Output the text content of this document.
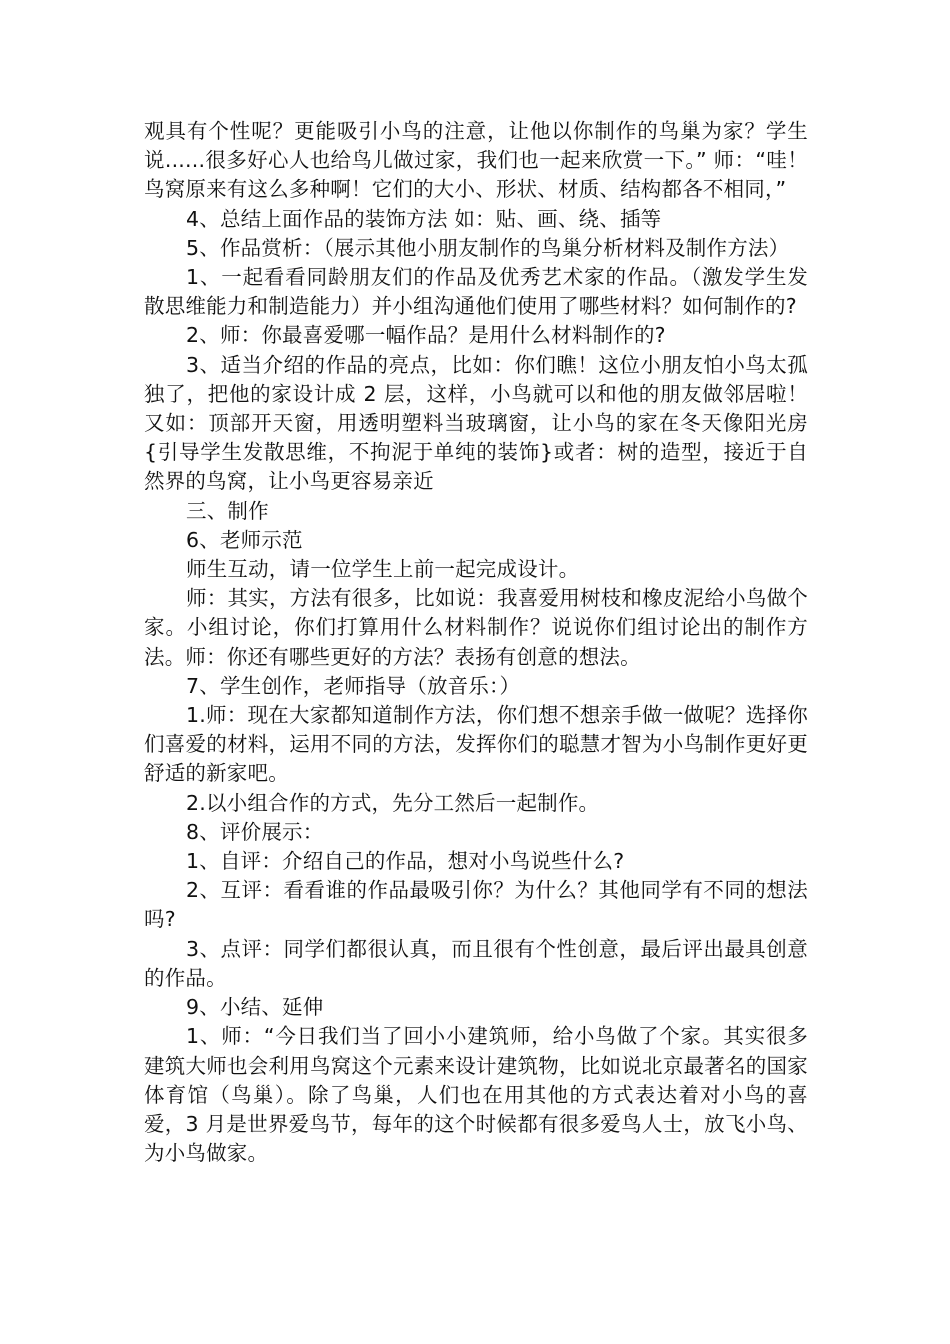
观具有个性呢？更能吸引小鸟的注意，让他以你制作的鸟巢为家？学生说......很多好心人也给鸟儿做过家，我们也一起来欣赏一下。” 师：“哇！鸟窝原来有这么多种啊！它们的大小、形状、材质、结构都各不相同，”

4、总结上面作品的装饰方法 如：贴、画、绕、插等

5、作品赏析：（展示其他小朋友制作的鸟巢分析材料及制作方法）

1、一起看看同龄朋友们的作品及优秀艺术家的作品。（激发学生发散思维能力和制造能力）并小组沟通他们使用了哪些材料？如何制作的?

2、师：你最喜爱哪一幅作品？是用什么材料制作的?

3、适当介绍的作品的亮点，比如：你们瞧！这位小朋友怕小鸟太孤独了，把他的家设计成 2 层，这样，小鸟就可以和他的朋友做邻居啦！又如：顶部开天窗，用透明塑料当玻璃窗，让小鸟的家在冬天像阳光房 {引导学生发散思维，不拘泥于单纯的装饰}或者：树的造型，接近于自然界的鸟窝，让小鸟更容易亲近

三、制作

6、老师示范

师生互动，请一位学生上前一起完成设计。

师：其实，方法有很多，比如说：我喜爱用树枝和橡皮泥给小鸟做个家。小组讨论，你们打算用什么材料制作？说说你们组讨论出的制作方法。师：你还有哪些更好的方法？表扬有创意的想法。

7、学生创作，老师指导（放音乐：）

1.师：现在大家都知道制作方法，你们想不想亲手做一做呢？选择你们喜爱的材料，运用不同的方法，发挥你们的聪慧才智为小鸟制作更好更舒适的新家吧。

2.以小组合作的方式，先分工然后一起制作。

8、评价展示：

1、自评：介绍自己的作品，想对小鸟说些什么?

2、互评：看看谁的作品最吸引你？为什么？其他同学有不同的想法吗?

3、点评：同学们都很认真，而且很有个性创意，最后评出最具创意的作品。

9、小结、延伸

1、师：“今日我们当了回小小建筑师，给小鸟做了个家。其实很多建筑大师也会利用鸟窝这个元素来设计建筑物，比如说北京最著名的国家体育馆（鸟巢）。除了鸟巢，人们也在用其他的方式表达着对小鸟的喜爱，3 月是世界爱鸟节，每年的这个时候都有很多爱鸟人士，放飞小鸟、为小鸟做家。
